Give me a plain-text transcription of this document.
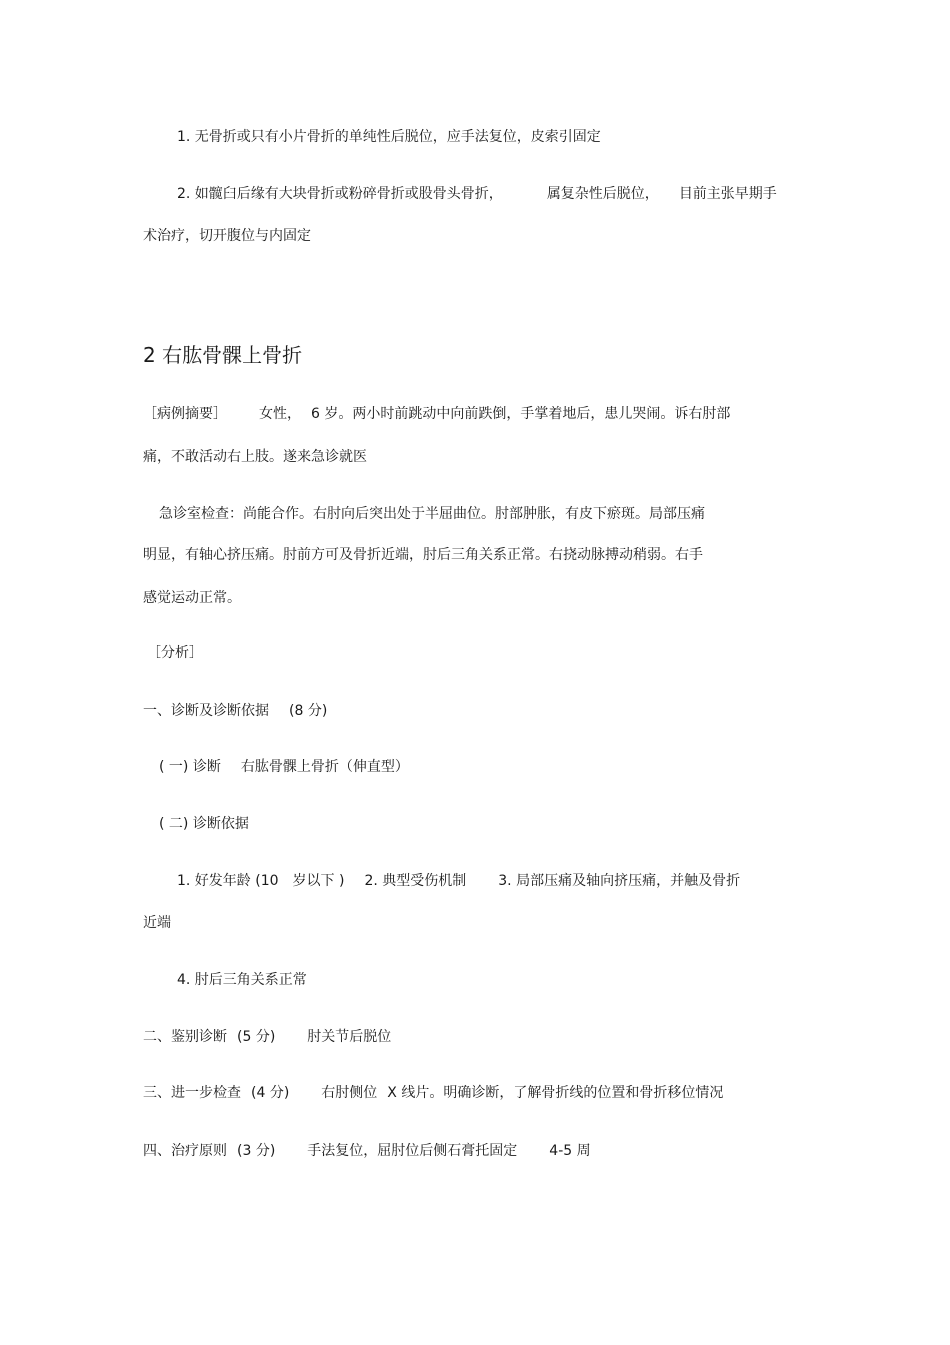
1. 无骨折或只有小片骨折的单纯性后脱位，应手法复位，皮索引固定
2. 如髋臼后缘有大块骨折或粉碎骨折或股骨头骨折，	属复杂性后脱位， 目前主张早期手
术治疗，切开腹位与内固定
2 右肱骨髁上骨折
［病例摘要］ 女性， 6 岁。两小时前跳动中向前跌倒，手掌着地后，患儿哭闹。诉右肘部
痛，不敢活动右上肢。遂来急诊就医
急诊室检查：尚能合作。右肘向后突出处于半屈曲位。肘部肿胀，有皮下瘀斑。局部压痛
明显，有轴心挤压痛。肘前方可及骨折近端，肘后三角关系正常。右挠动脉搏动稍弱。右手
感觉运动正常。
［分析］
一、诊断及诊断依据 (8 分)
( 一) 诊断 右肱骨髁上骨折（伸直型）
( 二) 诊断依据
1. 好发年龄 (10　岁以下 ) 2. 典型受伤机制 3. 局部压痛及轴向挤压痛，并触及骨折
近端
4. 肘后三角关系正常
二、鉴别诊断 (5 分) 肘关节后脱位
三、进一步检查 (4 分) 右肘侧位 X 线片。明确诊断，了解骨折线的位置和骨折移位情况
四、治疗原则 (3 分) 手法复位，屈肘位后侧石膏托固定 4-5 周
